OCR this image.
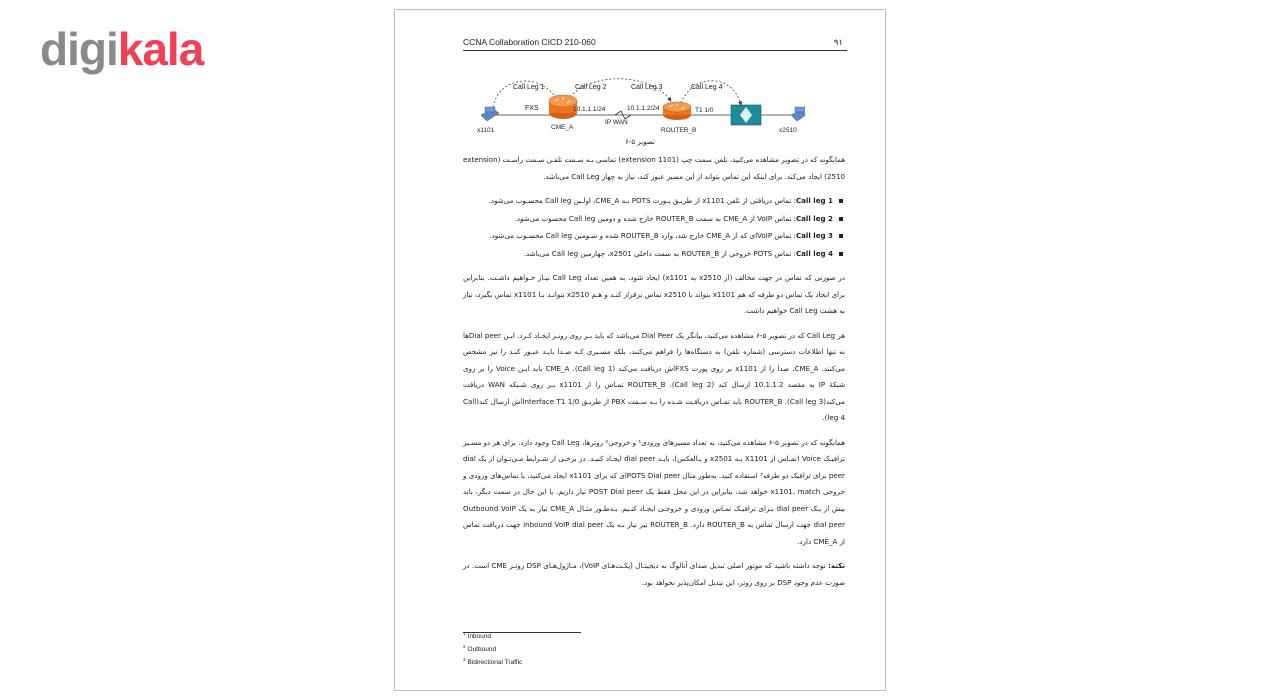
digikala	CCNA Collaboration CICD 210-060	۹۱
Call Leg 1	Call Leg 2	Call Leg 3	Call Leg 4
FXS	10.1.1.1/24	10.1.1.2/24
IP WAN
T1 1/0
x1101	CME_A	ROUTER_B	x2510
تصویر ۵-۶

همانگونه که در تصویر مشاهده می‌کنید، تلفن سمت چپ (extension 1101) تماسی بـه سـمت تلفـن سـمت راسـت (extension 2510) ایجاد می‌کند. برای اینکه این تماس بتواند از این مسیر عبور کند، نیاز به چهار Call Leg می‌باشد.

Call leg 1: تماس دریافتی از تلفن x1101 از طریـق پـورت POTS بـه CME_A، اولـین Call leg محسـوب می‌شود.
Call leg 2: تماس VoIP از CME_A به سمت ROUTER_B خارج شده و دومین Call leg محسوب می‌شود.
Call leg 3: تماس VoIPای که از CME_A خارج شد، وارد ROUTER_B شده و سـومین Call leg محسـوب می‌شود.
Call leg 4: تماس POTS خروجی از ROUTER_B به سمت داخلی x2501، چهارمین Call leg می‌باشد.

در صورتی که تماس در جهت مخالف (از x2510 به x1101) ایجاد شود، به همین تعداد Call Leg نیـاز خـواهیم داشـت. بنابراین برای ایجاد یک تماس دو طرفه که هم x1101 بتواند با x2510 تماس برقرار کنـد و هـم x2510 بتوانـد بـا x1101 تماس بگیرد، نیاز به هشت Call Leg خواهیم داشت.

هر Call Leg که در تصویر ۵-۶ مشاهده می‌کنید، بیانگر یک Dial Peer می‌باشد که باید بـر روی روتـر ایجـاد کـرد. ایـن Dial peerها نه تنها اطلاعات دسترسی (شماره تلفن) به دستگاه‌ها را فراهم می‌کنند، بلکه مسـیری کـه صـدا بایـد عبـور کنـد را نیز مشخص می‌کنند. CME_A، صدا را از x1101 بر روی پورت FXSاش دریافت می‌کند (Call leg 1). CME_A باید ایـن Voice را بر روی شبکهٔ IP به مقصد 10.1.1.2 ارسال کند (Call leg 2). ROUTER_B تمـاس را از x1101 بـر روی شـبکه WAN دریافت می‌کند(Call leg 3). ROUTER_B باید تمـاس دریافـت شـده را بـه سـمت PBX از طریـق Interface T1 1/0اش ارسال کند(Call leg 4).

همانگونه که در تصویر ۵-۶ مشاهده می‌کنید، به تعداد مسیرهای ورودی¹ و خروجی² روترها، Call Leg وجود دارد. برای هر دو مسـیر ترافیـک Voice (تمـاس از X1101 بـه x2501 و بـالعکس)، بایـد dial peer ایجـاد کنیـد. در برخـی از شـرایط مـی‌تـوان از یک dial peer برای ترافیک دو طرفه³ استفاده کنید. به‌طور مثال POTS Dial peerای که برای x1101 ایجاد می‌کنید، با تماس‌های ورودی و خروجی x1101، match خواهد شد، بنابراین در این محل فقط یک POST Dial peer نیاز داریم. با این حال در سمت دیگر، باید بیش از یـک dial peer بـرای ترافیـک تمـاس ورودی و خروجـی ایجـاد کنـیم. بـه‌طـور مثـال CME_A نیاز به یک Outbound VoIP dial peer جهت ارسال تماس به ROUTER_B دارد. ROUTER_B نیز نیاز بـه یک inbound VoIP dial peer جهت دریافت تماس از CME_A دارد.

نکته: توجه داشته باشید که موتور اصلی تبدیل صدای آنالوگ به دیجیتـال (پکـت‌هـای VoIP)، مـاژول‌هـای DSP روتـر CME است. در صورت عدم وجود DSP بر روی روتر، این تبدیل امکان‌پذیر نخواهد بود.

$^1$ Inbound
$^2$ Outbound
$^3$ Bidirectional Traffic
